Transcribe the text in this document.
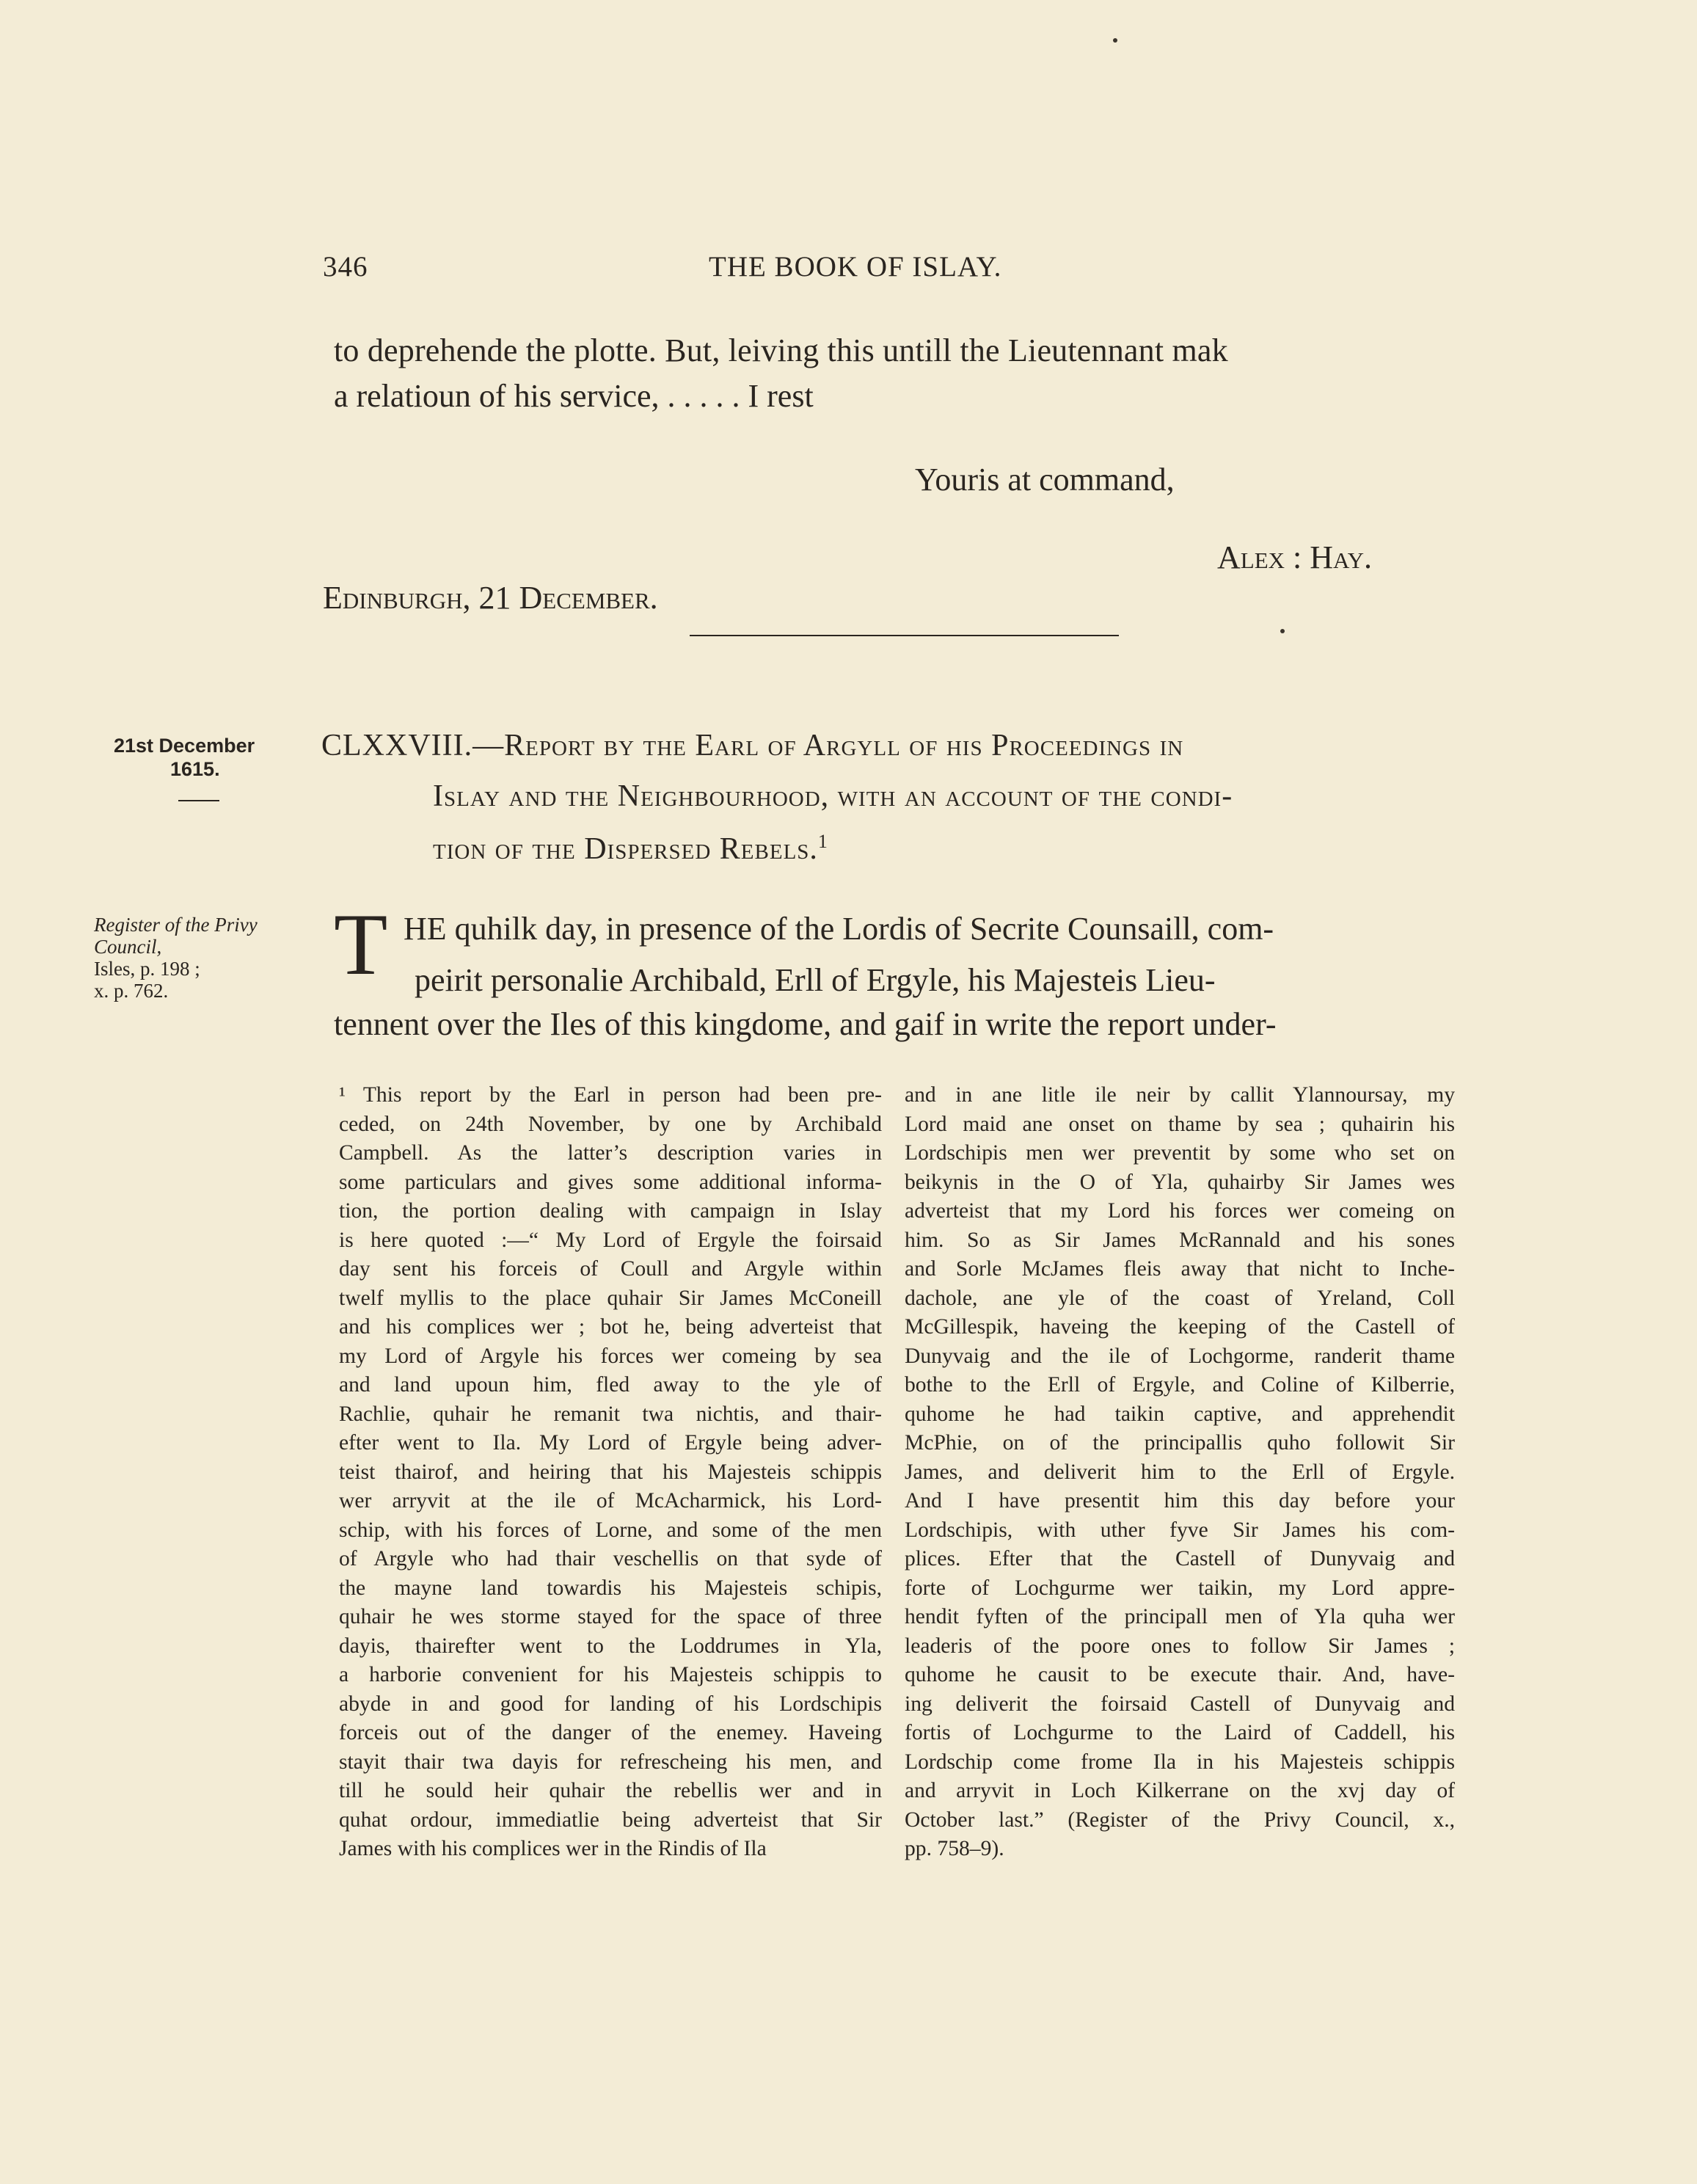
346	THE BOOK OF ISLAY.
to deprehende the plotte. But, leiving this untill the Lieutennant mak
a relatioun of his service, . . . . . I rest
Youris at command,
Alex : Hay.
Edinburgh, 21 December.
21st December
1615.
Register of the Privy Council,
Isles, p. 198 ;
x. p. 762.
CLXXVIII.—Report by the Earl of Argyll of his Proceedings in
Islay and the Neighbourhood, with an account of the condi-
tion of the Dispersed Rebels.$^1$
T HE quhilk day, in presence of the Lordis of Secrite Counsaill, com-
peirit personalie Archibald, Erll of Ergyle, his Majesteis Lieu-
tennent over the Iles of this kingdome, and gaif in write the report under-
¹ This report by the Earl in person had been pre-
ceded, on 24th November, by one by Archibald
Campbell. As the latter’s description varies in
some particulars and gives some additional informa-
tion, the portion dealing with campaign in Islay
is here quoted :—“ My Lord of Ergyle the foirsaid
day sent his forceis of Coull and Argyle within
twelf myllis to the place quhair Sir James McConeill
and his complices wer ; bot he, being adverteist that
my Lord of Argyle his forces wer comeing by sea
and land upoun him, fled away to the yle of
Rachlie, quhair he remanit twa nichtis, and thair-
efter went to Ila. My Lord of Ergyle being adver-
teist thairof, and heiring that his Majesteis schippis
wer arryvit at the ile of McAcharmick, his Lord-
schip, with his forces of Lorne, and some of the men
of Argyle who had thair veschellis on that syde of
the mayne land towardis his Majesteis schipis,
quhair he wes storme stayed for the space of three
dayis, thairefter went to the Loddrumes in Yla,
a harborie convenient for his Majesteis schippis to
abyde in and good for landing of his Lordschipis
forceis out of the danger of the enemey. Haveing
stayit thair twa dayis for refrescheing his men, and
till he sould heir quhair the rebellis wer and in
quhat ordour, immediatlie being adverteist that Sir
James with his complices wer in the Rindis of Ila
and in ane litle ile neir by callit Ylannoursay, my
Lord maid ane onset on thame by sea ; quhairin his
Lordschipis men wer preventit by some who set on
beikynis in the O of Yla, quhairby Sir James wes
adverteist that my Lord his forces wer comeing on
him. So as Sir James McRannald and his sones
and Sorle McJames fleis away that nicht to Inche-
dachole, ane yle of the coast of Yreland, Coll
McGillespik, haveing the keeping of the Castell of
Dunyvaig and the ile of Lochgorme, randerit thame
bothe to the Erll of Ergyle, and Coline of Kilberrie,
quhome he had taikin captive, and apprehendit
McPhie, on of the principallis quho followit Sir
James, and deliverit him to the Erll of Ergyle.
And I have presentit him this day before your
Lordschipis, with uther fyve Sir James his com-
plices. Efter that the Castell of Dunyvaig and
forte of Lochgurme wer taikin, my Lord appre-
hendit fyften of the principall men of Yla quha wer
leaderis of the poore ones to follow Sir James ;
quhome he causit to be execute thair. And, have-
ing deliverit the foirsaid Castell of Dunyvaig and
fortis of Lochgurme to the Laird of Caddell, his
Lordschip come frome Ila in his Majesteis schippis
and arryvit in Loch Kilkerrane on the xvj day of
October last.” (Register of the Privy Council, x.,
pp. 758–9).
